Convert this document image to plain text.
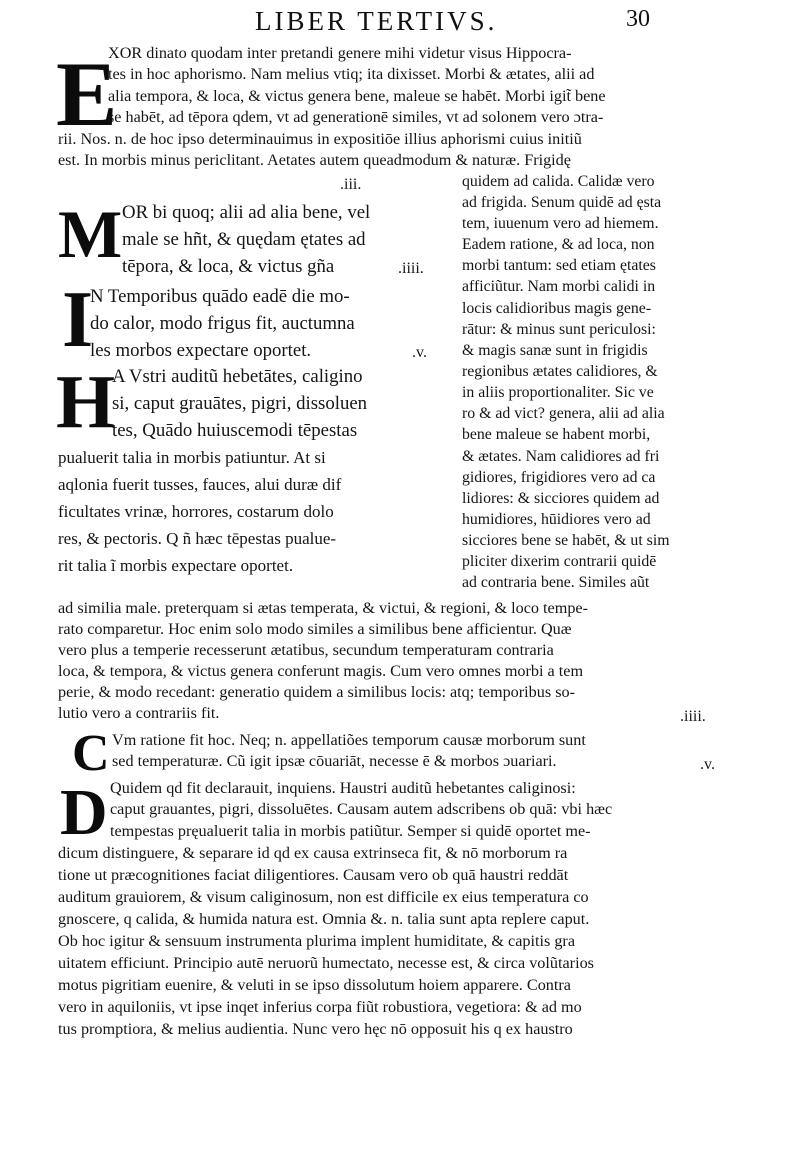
LIBER TERTIVS.	30
E
XOR dinato quodam inter pretandi genere mihi videtur visus Hippocra-
tes in hoc aphorismo. Nam melius vtiq; ita dixisset. Morbi & ætates, alii ad
alia tempora, & loca, & victus genera bene, maleue se habēt. Morbi igit̃ bene
se habēt, ad tēpora qdem, vt ad generationē similes, vt ad solonem vero ɔtra-
rii. Nos. n. de hoc ipso determinauimus in expositiōe illius aphorismi cuius initiũ
est. In morbis minus periclitant. Aetates autem queadmodum & naturæ. Frigidę
.iii.
M OR bi quoq; alii ad alia bene, vel
male se hñt, & quędam ętates ad
tēpora, & loca, & victus gña	.iiii.
I
N Temporibus quādo eadē die mo-
do calor, modo frigus fit, auctumna
les morbos expectare oportet.	.v.
H
A Vstri auditũ hebetātes, caligino
si, caput grauātes, pigri, dissoluen
tes, Quādo huiuscemodi tēpestas
pualuerit talia in morbis patiuntur. At si
aqlonia fuerit tusses, fauces, alui duræ dif
ficultates vrinæ, horrores, costarum dolo
res, & pectoris. Q ñ hæc tēpestas pualue-
rit talia ĩ morbis expectare oportet.
quidem ad calida. Calidæ vero
ad frigida. Senum quidē ad ęsta
tem, iuuenum vero ad hiemem.
Eadem ratione, & ad loca, non
morbi tantum: sed etiam ętates
afficiũtur. Nam morbi calidi in
locis calidioribus magis gene-
rātur: & minus sunt periculosi:
& magis sanæ sunt in frigidis
regionibus ætates calidiores, &
in aliis proportionaliter. Sic ve
ro & ad vict? genera, alii ad alia
bene maleue se habent morbi,
& ætates. Nam calidiores ad fri
gidiores, frigidiores vero ad ca
lidiores: & sicciores quidem ad
humidiores, hūidiores vero ad
sicciores bene se habēt, & ut sim
pliciter dixerim contrarii quidē
ad contraria bene. Similes aũt
ad similia male. preterquam si ætas temperata, & victui, & regioni, & loco tempe-
rato comparetur. Hoc enim solo modo similes a similibus bene afficientur. Quæ
vero plus a temperie recesserunt ætatibus, secundum temperaturam contraria
loca, & tempora, & victus genera conferunt magis. Cum vero omnes morbi a tem
perie, & modo recedant: generatio quidem a similibus locis: atq; temporibus so-
lutio vero a contrariis fit.	.iiii.
C Vm ratione fit hoc. Neq; n. appellatiões temporum causæ morborum sunt
sed temperaturæ. Cũ igit ipsæ cōuariāt, necesse ē & morbos ɔuariari.	.v.
D Quidem qd fit declarauit, inquiens. Haustri auditũ hebetantes caliginosi:
caput grauantes, pigri, dissoluētes. Causam autem adscribens ob quā: vbi hæc
tempestas pręualuerit talia in morbis patiũtur. Semper si quidē oportet me-
dicum distinguere, & separare id qd ex causa extrinseca fit, & nō morborum ra
tione ut præcognitiones faciat diligentiores. Causam vero ob quā haustri reddāt
auditum grauiorem, & visum caliginosum, non est difficile ex eius temperatura co
gnoscere, q calida, & humida natura est. Omnia &. n. talia sunt apta replere caput.
Ob hoc igitur & sensuum instrumenta plurima implent humiditate, & capitis gra
uitatem efficiunt. Principio autē neruorũ humectato, necesse est, & circa volũtarios
motus pigritiam euenire, & veluti in se ipso dissolutum hoiem apparere. Contra
vero in aquiloniis, vt ipse inqet inferius corpa fiũt robustiora, vegetiora: & ad mo
tus promptiora, & melius audientia. Nunc vero hęc nō opposuit his q ex haustro
